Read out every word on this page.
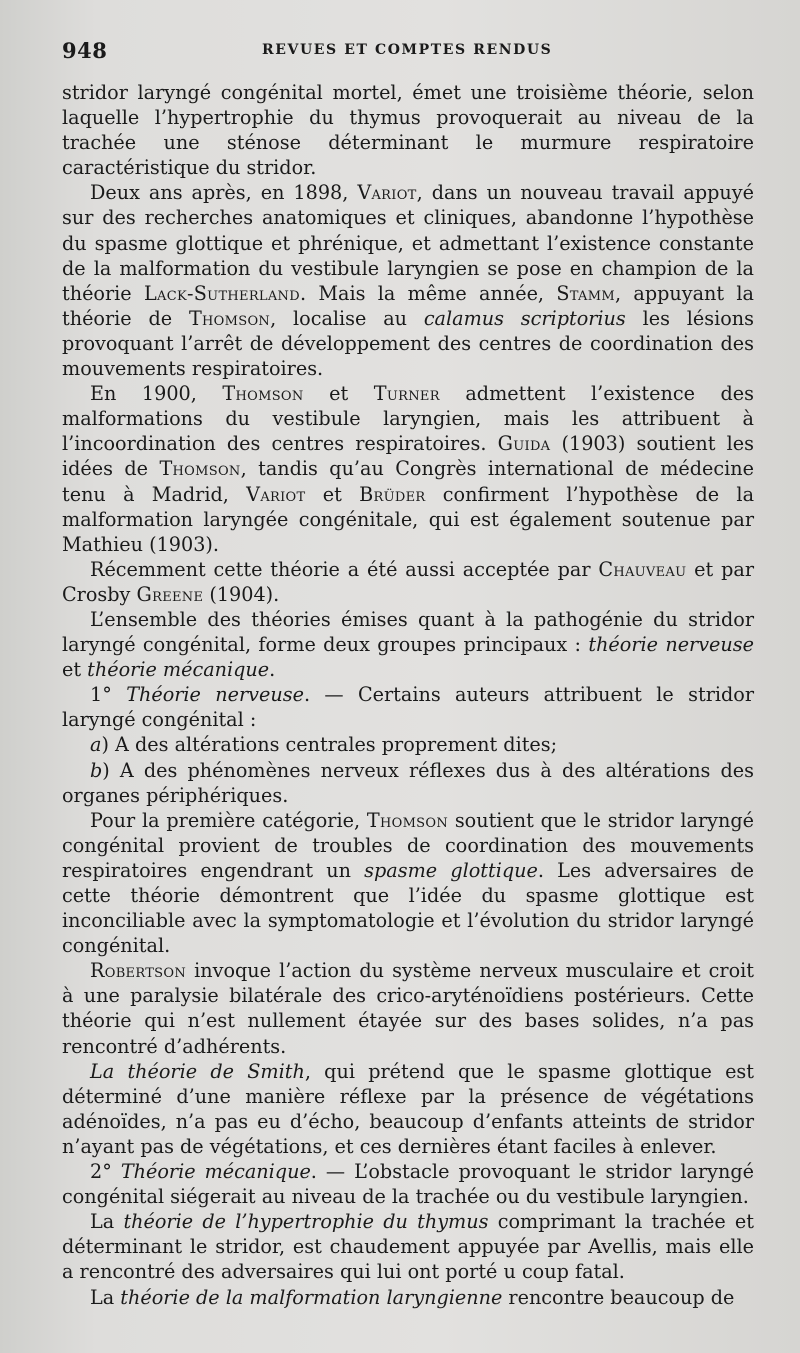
948	REVUES ET COMPTES RENDUS

stridor laryngé congénital mortel, émet une troisième théorie, selon laquelle l’hypertrophie du thymus provoquerait au niveau de la trachée une sténose déterminant le murmure respiratoire caractéristique du stridor.

Deux ans après, en 1898, Variot, dans un nouveau travail appuyé sur des recherches anatomiques et cliniques, abandonne l’hypothèse du spasme glottique et phrénique, et admettant l’existence constante de la malformation du vestibule laryngien se pose en champion de la théorie Lack-Sutherland. Mais la même année, Stamm, appuyant la théorie de Thomson, localise au calamus scriptorius les lésions provoquant l’arrêt de développement des centres de coordination des mouvements respiratoires.

En 1900, Thomson et Turner admettent l’existence des malformations du vestibule laryngien, mais les attribuent à l’incoordination des centres respiratoires. Guida (1903) soutient les idées de Thomson, tandis qu’au Congrès international de médecine tenu à Madrid, Variot et Brüder confirment l’hypothèse de la malformation laryngée congénitale, qui est également soutenue par Mathieu (1903).

Récemment cette théorie a été aussi acceptée par Chauveau et par Crosby Greene (1904).

L’ensemble des théories émises quant à la pathogénie du stridor laryngé congénital, forme deux groupes principaux : théorie nerveuse et théorie mécanique.

1° Théorie nerveuse. — Certains auteurs attribuent le stridor laryngé congénital :

a) A des altérations centrales proprement dites;

b) A des phénomènes nerveux réflexes dus à des altérations des organes périphériques.

Pour la première catégorie, Thomson soutient que le stridor laryngé congénital provient de troubles de coordination des mouvements respiratoires engendrant un spasme glottique. Les adversaires de cette théorie démontrent que l’idée du spasme glottique est inconciliable avec la symptomatologie et l’évolution du stridor laryngé congénital.

Robertson invoque l’action du système nerveux musculaire et croit à une paralysie bilatérale des crico-aryténoïdiens postérieurs. Cette théorie qui n’est nullement étayée sur des bases solides, n’a pas rencontré d’adhérents.

La théorie de Smith, qui prétend que le spasme glottique est déterminé d’une manière réflexe par la présence de végétations adénoïdes, n’a pas eu d’écho, beaucoup d’enfants atteints de stridor n’ayant pas de végétations, et ces dernières étant faciles à enlever.

2° Théorie mécanique. — L’obstacle provoquant le stridor laryngé congénital siégerait au niveau de la trachée ou du vestibule laryngien.

La théorie de l’hypertrophie du thymus comprimant la trachée et déterminant le stridor, est chaudement appuyée par Avellis, mais elle a rencontré des adversaires qui lui ont porté u coup fatal.

La théorie de la malformation laryngienne rencontre beaucoup de
